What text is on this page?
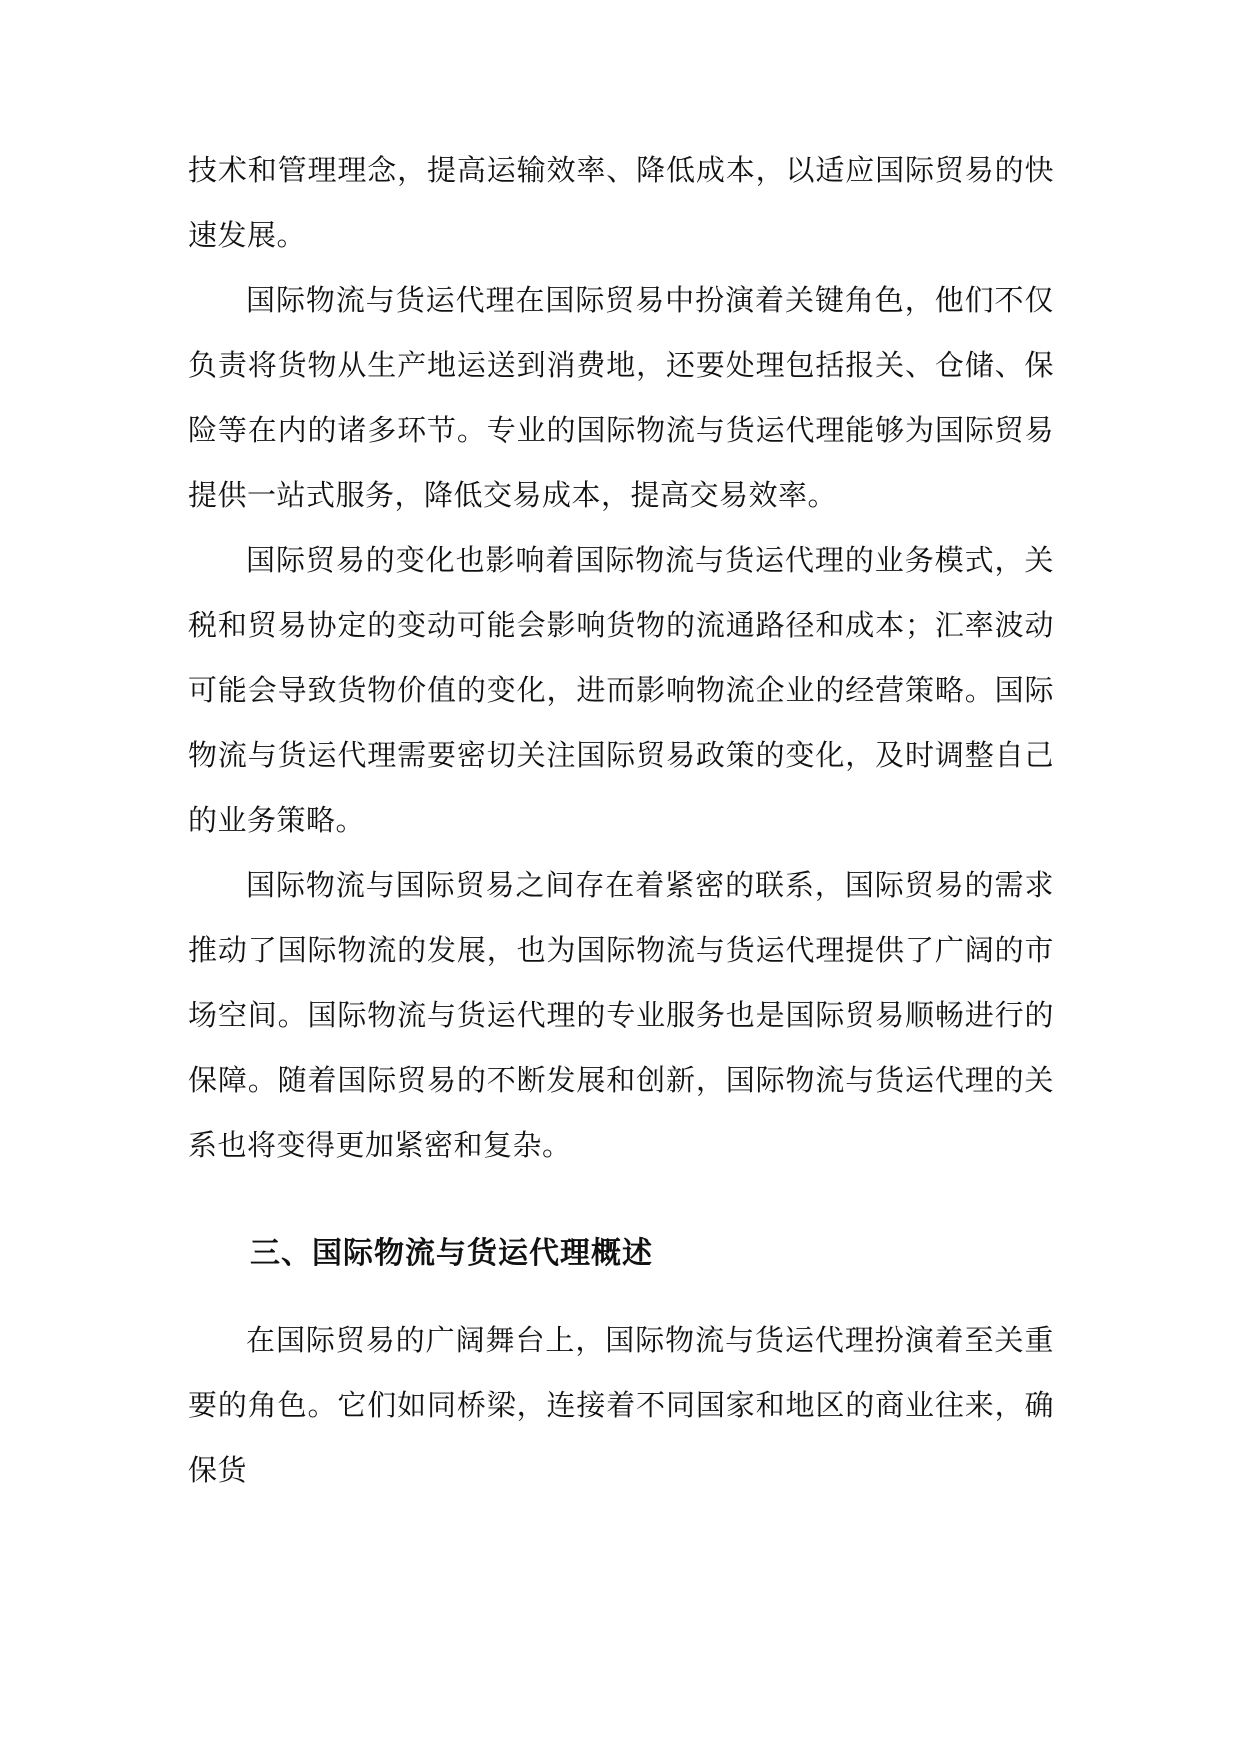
技术和管理理念，提高运输效率、降低成本，以适应国际贸易的快速发展。

国际物流与货运代理在国际贸易中扮演着关键角色，他们不仅负责将货物从生产地运送到消费地，还要处理包括报关、仓储、保险等在内的诸多环节。专业的国际物流与货运代理能够为国际贸易提供一站式服务，降低交易成本，提高交易效率。

国际贸易的变化也影响着国际物流与货运代理的业务模式，关税和贸易协定的变动可能会影响货物的流通路径和成本；汇率波动可能会导致货物价值的变化，进而影响物流企业的经营策略。国际物流与货运代理需要密切关注国际贸易政策的变化，及时调整自己的业务策略。

国际物流与国际贸易之间存在着紧密的联系，国际贸易的需求推动了国际物流的发展，也为国际物流与货运代理提供了广阔的市场空间。国际物流与货运代理的专业服务也是国际贸易顺畅进行的保障。随着国际贸易的不断发展和创新，国际物流与货运代理的关系也将变得更加紧密和复杂。

三、国际物流与货运代理概述

在国际贸易的广阔舞台上，国际物流与货运代理扮演着至关重要的角色。它们如同桥梁，连接着不同国家和地区的商业往来，确保货
